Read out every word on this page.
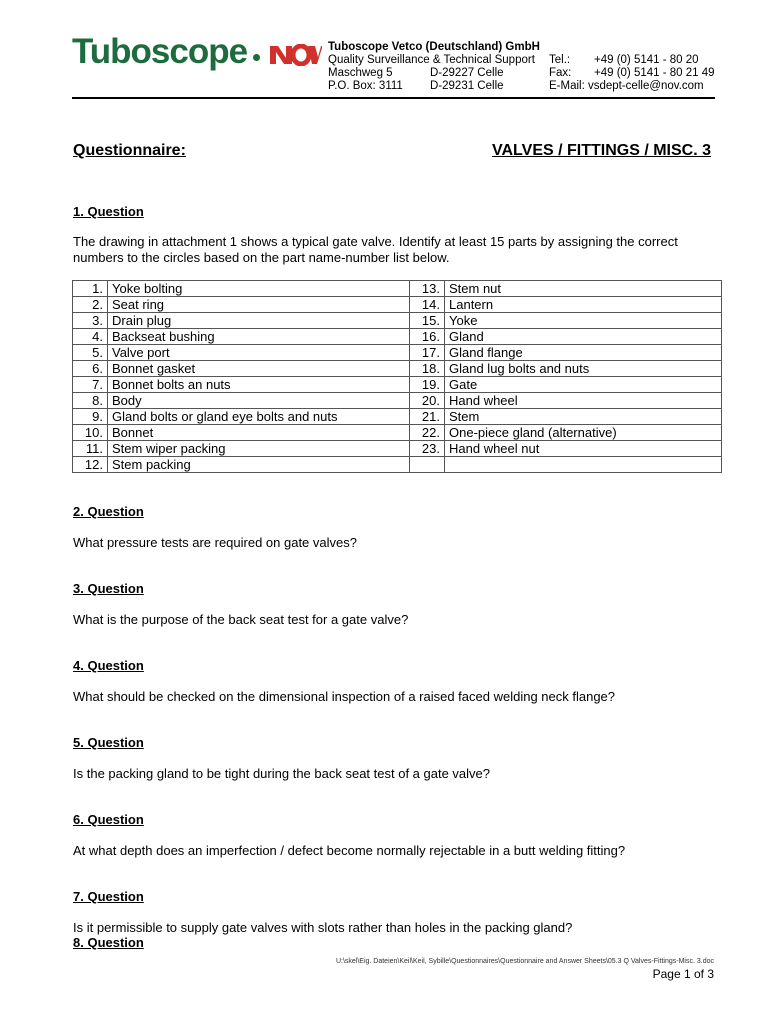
Tuboscope	Tuboscope Vetco (Deutschland) GmbH
Quality Surveillance & Technical Support
Maschweg 5	D-29227 Celle
P.O. Box: 3111 D-29231 Celle
Tel.: +49 (0) 5141 - 80 20
Fax: +49 (0) 5141 - 80 21 49
E-Mail: vsdept-celle@nov.com
Questionnaire:	VALVES / FITTINGS / MISC. 3
1. Question
The drawing in attachment 1 shows a typical gate valve. Identify at least 15 parts by assigning the correct numbers to the circles based on the part name-number list below.
1.	Yoke bolting	13.	Stem nut
2.	Seat ring	14.	Lantern
3.	Drain plug	15.	Yoke
4.	Backseat bushing	16.	Gland
5.	Valve port	17.	Gland flange
6.	Bonnet gasket	18.	Gland lug bolts and nuts
7.	Bonnet bolts an nuts	19.	Gate
8.	Body	20.	Hand wheel
9.	Gland bolts or gland eye bolts and nuts	21.	Stem
10.	Bonnet	22.	One-piece gland (alternative)
11.	Stem wiper packing	23.	Hand wheel nut
12.	Stem packing		
2. Question
What pressure tests are required on gate valves?
3. Question
What is the purpose of the back seat test for a gate valve?
4. Question
What should be checked on the dimensional inspection of a raised faced welding neck flange?
5. Question
Is the packing gland to be tight during the back seat test of a gate valve?
6. Question
At what depth does an imperfection / defect become normally rejectable in a butt welding fitting?
7. Question
Is it permissible to supply gate valves with slots rather than holes in the packing gland?
8. Question
U:\skel\Eig. Dateien\Keil\Keil, Sybille\Questionnaires\Questionnaire and Answer Sheets\05.3 Q Valves-Fittings-Misc. 3.doc
Page 1 of 3
